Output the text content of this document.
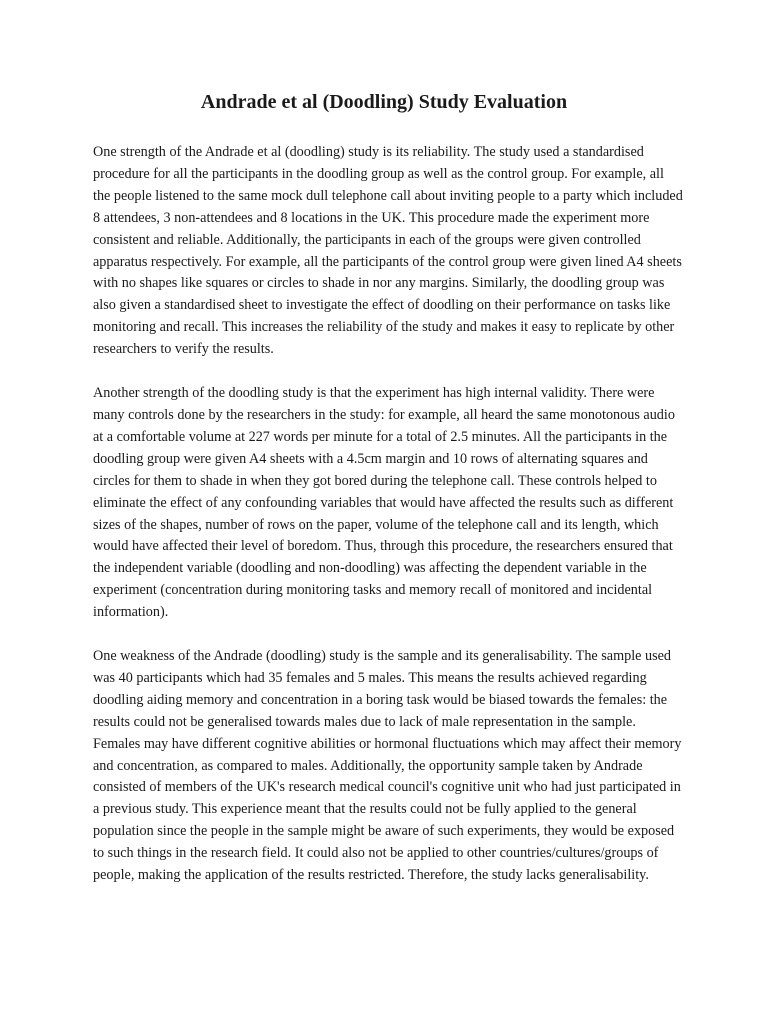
Andrade et al (Doodling) Study Evaluation

One strength of the Andrade et al (doodling) study is its reliability. The study used a standardised procedure for all the participants in the doodling group as well as the control group. For example, all the people listened to the same mock dull telephone call about inviting people to a party which included 8 attendees, 3 non-attendees and 8 locations in the UK. This procedure made the experiment more consistent and reliable. Additionally, the participants in each of the groups were given controlled apparatus respectively. For example, all the participants of the control group were given lined A4 sheets with no shapes like squares or circles to shade in nor any margins. Similarly, the doodling group was also given a standardised sheet to investigate the effect of doodling on their performance on tasks like monitoring and recall. This increases the reliability of the study and makes it easy to replicate by other researchers to verify the results.

Another strength of the doodling study is that the experiment has high internal validity. There were many controls done by the researchers in the study: for example, all heard the same monotonous audio at a comfortable volume at 227 words per minute for a total of 2.5 minutes. All the participants in the doodling group were given A4 sheets with a 4.5cm margin and 10 rows of alternating squares and circles for them to shade in when they got bored during the telephone call. These controls helped to eliminate the effect of any confounding variables that would have affected the results such as different sizes of the shapes, number of rows on the paper, volume of the telephone call and its length, which would have affected their level of boredom. Thus, through this procedure, the researchers ensured that the independent variable (doodling and non-doodling) was affecting the dependent variable in the experiment (concentration during monitoring tasks and memory recall of monitored and incidental information).

One weakness of the Andrade (doodling) study is the sample and its generalisability. The sample used was 40 participants which had 35 females and 5 males. This means the results achieved regarding doodling aiding memory and concentration in a boring task would be biased towards the females: the results could not be generalised towards males due to lack of male representation in the sample. Females may have different cognitive abilities or hormonal fluctuations which may affect their memory and concentration, as compared to males. Additionally, the opportunity sample taken by Andrade consisted of members of the UK's research medical council's cognitive unit who had just participated in a previous study. This experience meant that the results could not be fully applied to the general population since the people in the sample might be aware of such experiments, they would be exposed to such things in the research field. It could also not be applied to other countries/cultures/groups of people, making the application of the results restricted. Therefore, the study lacks generalisability.
